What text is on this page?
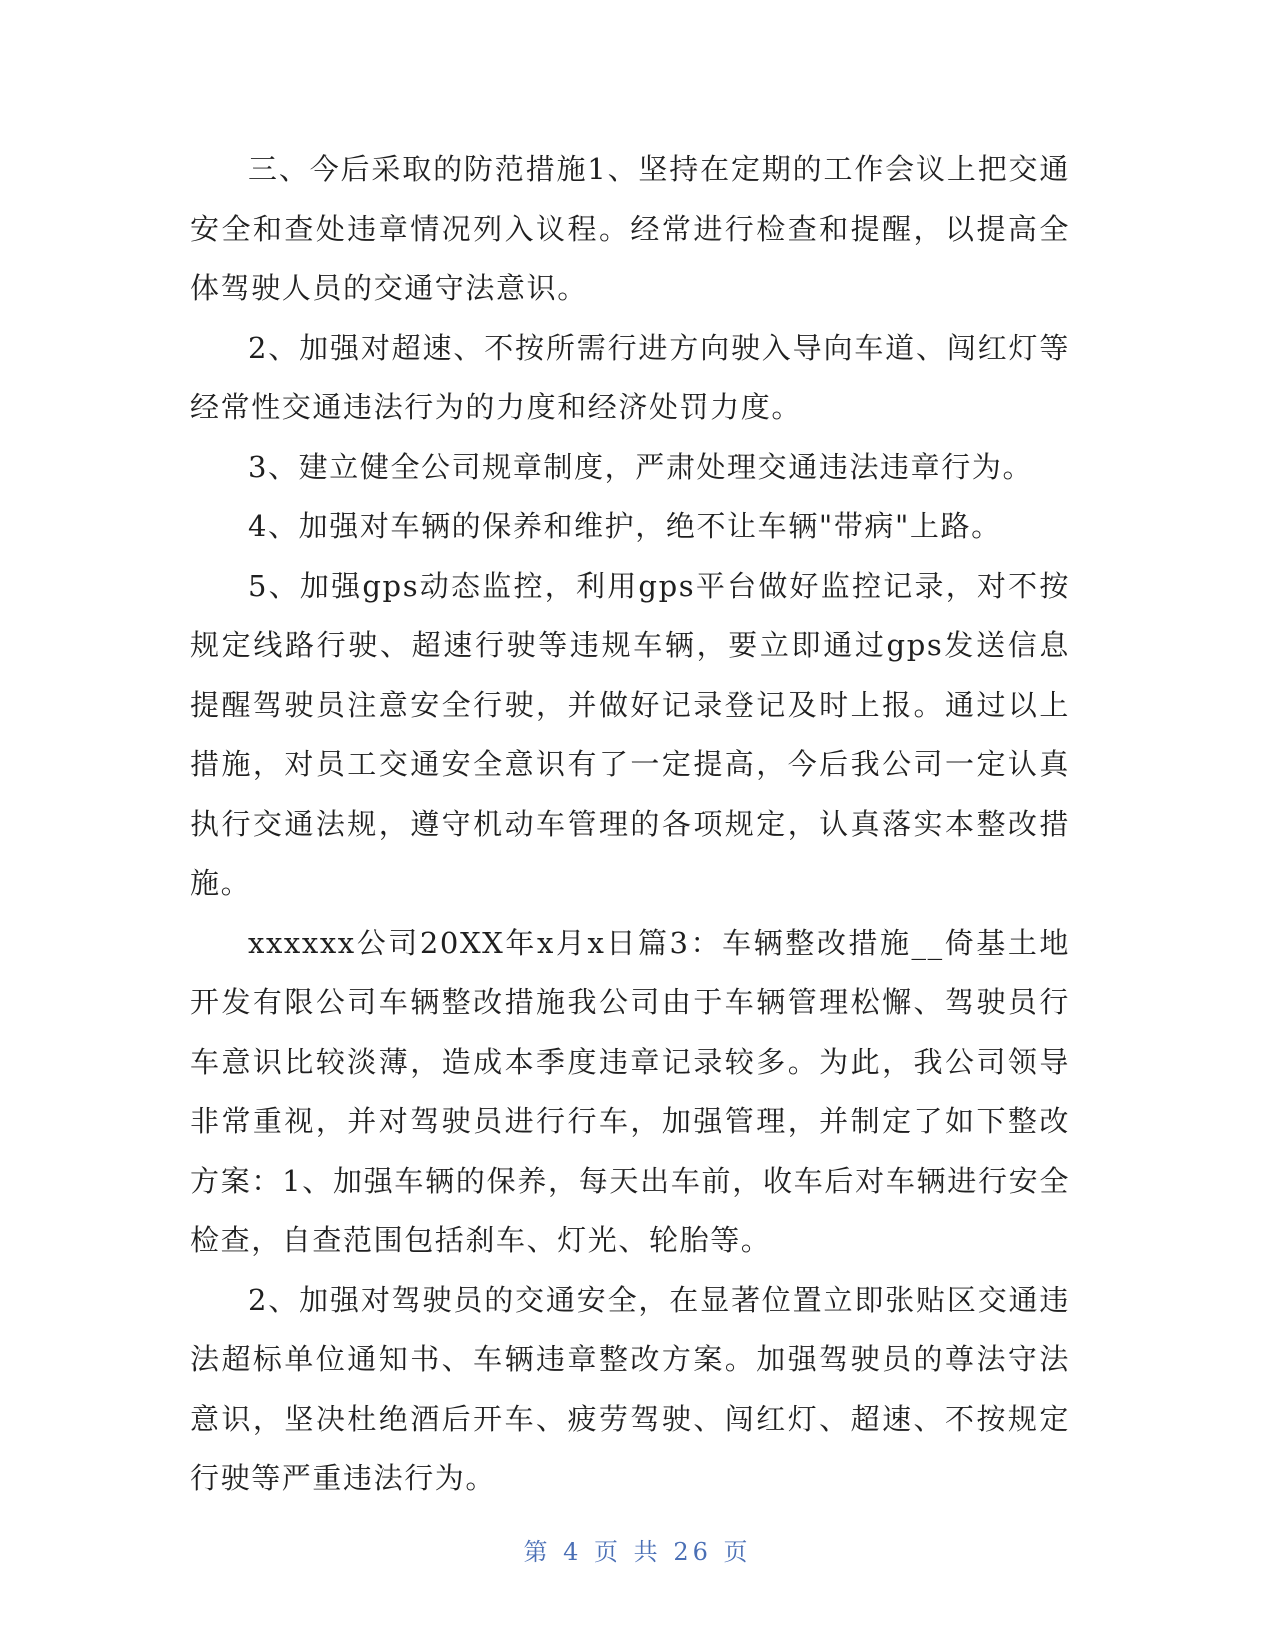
三、今后采取的防范措施1、坚持在定期的工作会议上把交通安全和查处违章情况列入议程。经常进行检查和提醒，以提高全体驾驶人员的交通守法意识。

2、加强对超速、不按所需行进方向驶入导向车道、闯红灯等经常性交通违法行为的力度和经济处罚力度。

3、建立健全公司规章制度，严肃处理交通违法违章行为。

4、加强对车辆的保养和维护，绝不让车辆"带病"上路。

5、加强gps动态监控，利用gps平台做好监控记录，对不按规定线路行驶、超速行驶等违规车辆，要立即通过gps发送信息提醒驾驶员注意安全行驶，并做好记录登记及时上报。通过以上措施，对员工交通安全意识有了一定提高，今后我公司一定认真执行交通法规，遵守机动车管理的各项规定，认真落实本整改措施。

xxxxxx公司20XX年x月x日篇3：车辆整改措施__倚基土地开发有限公司车辆整改措施我公司由于车辆管理松懈、驾驶员行车意识比较淡薄，造成本季度违章记录较多。为此，我公司领导非常重视，并对驾驶员进行行车，加强管理，并制定了如下整改方案：1、加强车辆的保养，每天出车前，收车后对车辆进行安全检查，自查范围包括刹车、灯光、轮胎等。

2、加强对驾驶员的交通安全，在显著位置立即张贴区交通违法超标单位通知书、车辆违章整改方案。加强驾驶员的尊法守法意识，坚决杜绝酒后开车、疲劳驾驶、闯红灯、超速、不按规定行驶等严重违法行为。

第 4 页 共 26 页
